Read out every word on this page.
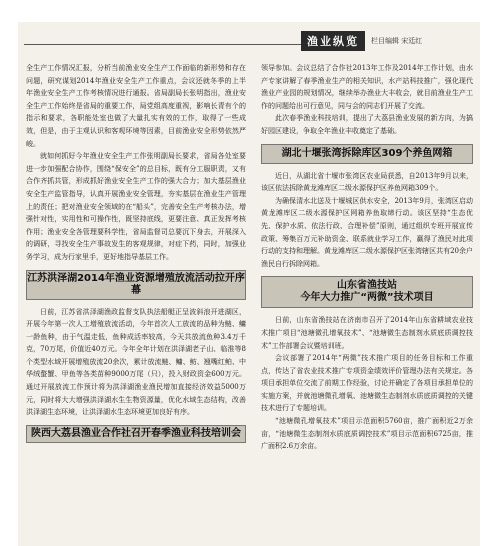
渔业纵览	栏目编辑 宋廷红

全生产工作情况汇报，分析当前渔业安全生产工作面临的新形势和存在问题，研究谋划2014年渔业安全生产工作重点，会议还就冬季的上半年渔业安全生产工作考核情况进行通报。省局副局长张明指出，渔业安全生产工作始终是省局的重要工作，局党组高度重视，影响长青有个的指示和要求，各职能处室也做了大量扎实有效的工作，取得了一些成效，但是，由于主观认识和客观环境等因素，目前渔业安全形势依然严峻。

就如何抓好今年渔业安全生产工作张明副局长要求，省局各处室要进一步加强配合协作，围绕“保安全”的总目标，既有分工服职责，又有合作齐抓共管，形成抓好渔业安全生产工作的强大合力；加大基层渔业安全生产监管指导，认真开展渔业安全管理，夯实基层在渔业生产管理上的责任；把对渔业安全领域的在“船头”，完善安全生产考核办法，增强针对性，实用性和可操作性，既坚持底线，更要注意、真正发挥考核作用；渔业安全各管理要科学性，省局监督司总要沉下身去，开展深入的调研，寻找安全生产事故发生的客观规律，对症下药，同时，加强业务学习，成为行家里手，更好地指导基层工作。

江苏洪泽湖2014年渔业资源增殖放流活动拉开序幕

日前，江苏省洪泽湖渔政监督支队执法船艇正呈波斜浪开进湖区，开展今年第一次人工增殖放流活动，今年首次人工放流的品种为鲢、鳙一龄鱼种，由于气温走低，鱼种成活率较高，今天共放流鱼种3.4万千克，70万尾，价值近40万元。今年全年计划在洪泽湖老子山、临淮等8个类型水域开展增殖放流20余次，累计放流鲢、鳙、鲂、翘嘴红鲌、中华绒螯蟹、甲鱼等各类苗种9000万尾（只），投入财政资金600万元。通过开展放流工作预计将为洪泽湖渔业渔民增加直接经济效益5000万元，同时将大大增强洪泽湖水生生物资源量，优化水域生态结构，改善洪泽湖生态环境，让洪泽湖水生态环境更加良好有序。

陕西大荔县渔业合作社召开春季渔业科技培训会

领导参加。会议总结了合作社2013年工作及2014年工作计划，由水产专家讲解了春季渔业生产的相关知识，水产站科技推广，强化现代渔业产业园的规划情况，继续举办渔业大丰收会，就目前渔业生产工作的问题给出可行意见，同与会的同志们开展了交流。

此次春季渔业科技培训，提出了大荔县渔业发展的新方向，为搞好园区建设，争取全年渔业丰收奠定了基础。

湖北十堰张湾拆除库区309个养鱼网箱

近日，从湖北省十堰市张湾区农业局获悉，自2013年9月以来，该区依法拆除黄龙滩库区二级水源保护区养鱼网箱309个。

为确保清水北送及十堰城区供水安全，2013年9月，张湾区启动黄龙滩库区二级水源保护区网箱养鱼取缔行动。该区坚持“生态优先、保护水质、依法行政、合理补偿”原则，通过组织专班开展宣传政策、筹集百万元补助资金、联系就业学习工作，赢得了渔民对此项行动的支持和理解。黄龙滩库区二级水源保护区张湾辖区共有20余户渔民自行拆除网箱。

山东省渔技站
今年大力推广“两微”技术项目

日前，山东省渔技站在济南市召开了2014年山东省耕域农业技术推广项目“池塘微孔增氧技术”、“池塘微生态制剂水质底质调控技术”工作部署会议暨培训班。

会议部署了2014年“两微”技术推广项目的任务目标和工作重点，传达了省农业技术推广专项资金绩效评价管理办法有关规定。各项目承担单位交流了前期工作经验，讨论并确定了各项目承担单位的实施方案，并就池塘微孔增氧、池塘微生态制剂水质底质调控的关键技术进行了专题培训。

“池塘微孔增氧技术”项目示范面积5760亩，推广面积近2万余亩，“池塘微生态制剂水质底质调控技术”项目示范面积6725亩，推广面积2.6万余亩。
